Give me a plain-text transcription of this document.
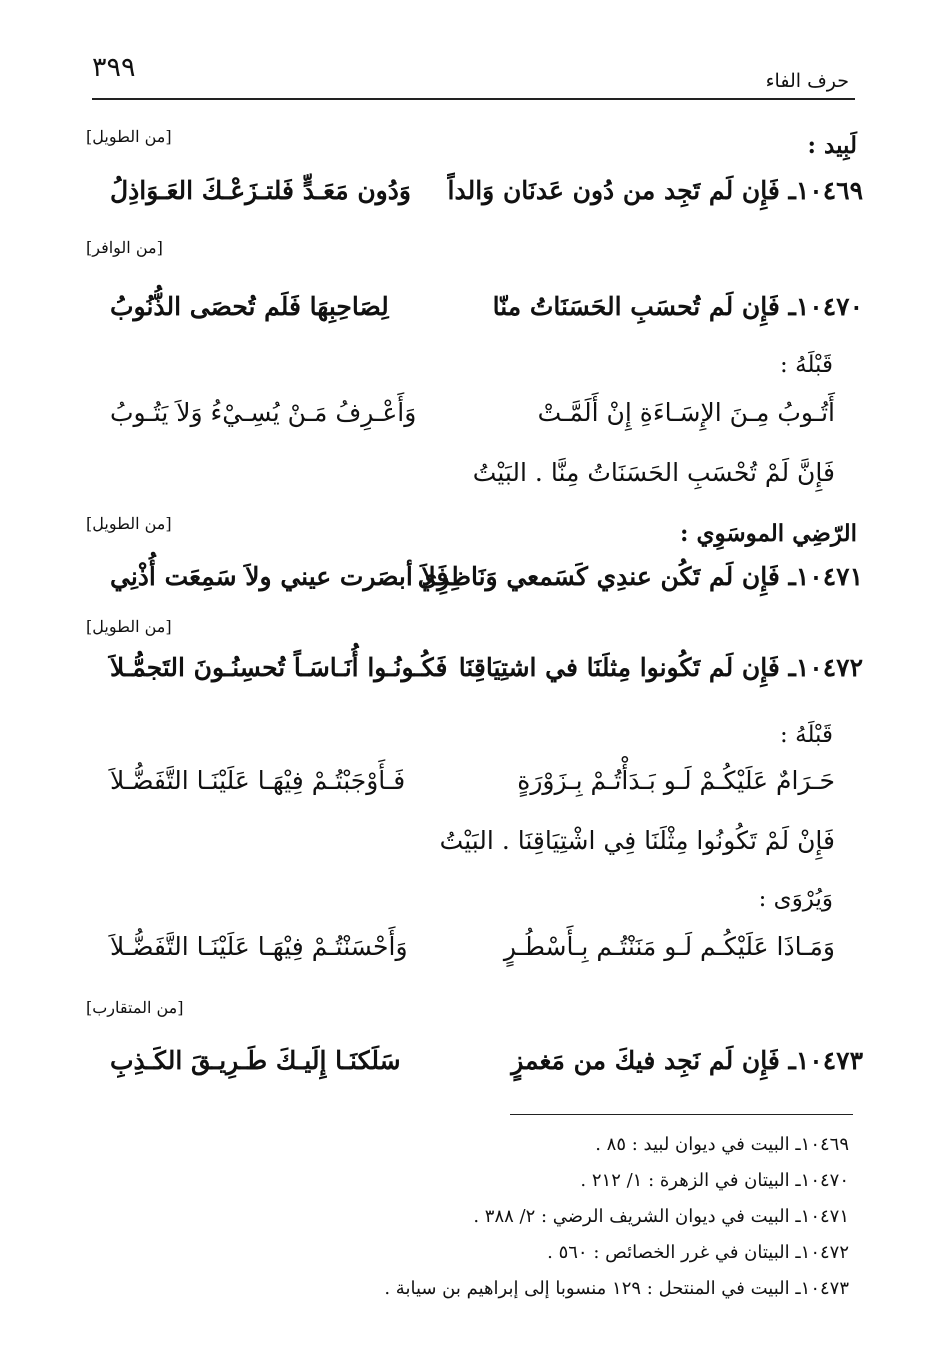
٣٩٩	حرف الفاء
[من الطويل]	لَبِيد :
١٠٤٦٩ـ فَإِن لَم تَجِد من دُون عَدنَان وَالداً
وَدُون مَعَـدٍّ فَلتـزَعْـكَ العَـوَاذِلُ
[من الوافر]
١٠٤٧٠ـ فَإِن لَم تُحسَبِ الحَسَنَاتُ منّا
لِصَاحِبِهَا فَلَم تُحصَى الذُّنُوبُ
قَبْلَهُ :
أَتُـوبُ مِـنَ الإِسَـاءَةِ إِنْ أَلَمَّـتْ
وَأَعْـرِفُ مَـنْ يُسِـيْءُ وَلاَ يَتُـوبُ
فَإِنَّ لَمْ تُحْسَبِ الحَسَنَاتُ مِنَّا . البَيْتُ
[من الطويل]	الرّضِي الموسَوِي :
١٠٤٧١ـ فَإِن لَم تَكُن عندِي كَسَمعي وَنَاظِرِي
فَلاَ أبصَرت عيني ولاَ سَمِعَت أُذْنِي
[من الطويل]
١٠٤٧٢ـ فَإِن لَم تَكُونوا مِثلَنَا في اشتِيَاقِنَا
فَكُـونُـوا أُنَـاسَـاً تُحسِنُـونَ التَجمُّـلاَ
قَبْلَهُ :
حَـرَامٌ عَلَيْكُـمْ لَـو بَـدَأْتُـمْ بِـزَوْرَةٍ
فَـأَوْجَبْتُـمْ فِيْهَـا عَلَيْنَـا التَّفَضُّـلاَ
فَإِنْ لَمْ تَكُونُوا مِثْلَنَا فِي اشْتِيَاقِنَا . البَيْتُ
وَيُرْوَى :
وَمَـاذَا عَلَيْكُـم لَـو مَنَنْتُـم بِـأَسْطُـرٍ
وَأَحْسَنْتُـمْ فِيْهَـا عَلَيْنَـا التَّفَضُّـلاَ
[من المتقارب]
١٠٤٧٣ـ فَإِن لَم نَجِد فيكَ من مَغمزٍ
سَلَكنَـا إِلَيـكَ طَـرِيـقَ الكَـذِبِ
١٠٤٦٩ـ البيت في ديوان لبيد : ٨٥ .
١٠٤٧٠ـ البيتان في الزهرة : ١/ ٢١٢ .
١٠٤٧١ـ البيت في ديوان الشريف الرضي : ٢/ ٣٨٨ .
١٠٤٧٢ـ البيتان في غرر الخصائص : ٥٦٠ .
١٠٤٧٣ـ البيت في المنتحل : ١٢٩ منسوبا إلى إبراهيم بن سيابة .
